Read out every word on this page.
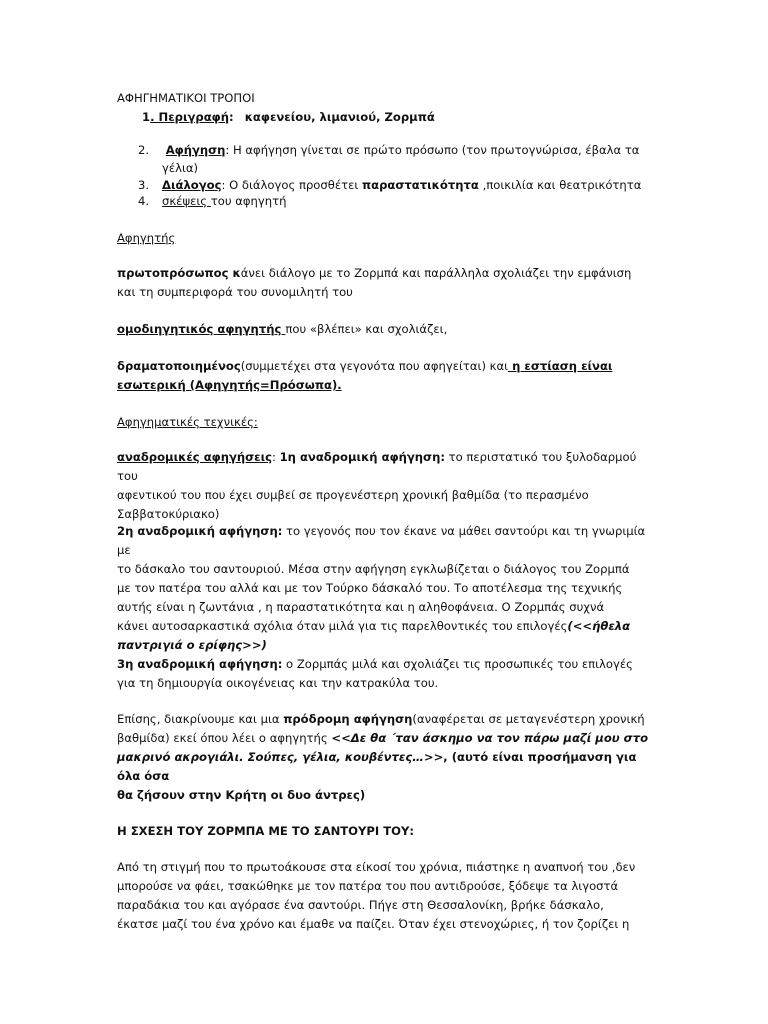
ΑΦΗΓΗΜΑΤΙΚΟΙ ΤΡΟΠΟΙ
1. Περιγραφή: καφενείου, λιμανιού, Ζορμπά
2. Αφήγηση: Η αφήγηση γίνεται σε πρώτο πρόσωπο (τον πρωτογνώρισα, έβαλα τα
γέλια)
3. Διάλογος: Ο διάλογος προσθέτει παραστατικότητα ,ποικιλία και θεατρικότητα
4. σκέψεις του αφηγητή
Αφηγητής
πρωτοπρόσωπος κάνει διάλογο με το Ζορμπά και παράλληλα σχολιάζει την εμφάνιση
και τη συμπεριφορά του συνομιλητή του
ομοδιηγητικός αφηγητής που «βλέπει» και σχολιάζει,
δραματοποιημένος(συμμετέχει στα γεγονότα που αφηγείται) και η εστίαση είναι
εσωτερική (Αφηγητής=Πρόσωπα).
Αφηγηματικές τεχνικές:
αναδρομικές αφηγήσεις: 1η αναδρομική αφήγηση: το περιστατικό του ξυλοδαρμού του
αφεντικού του που έχει συμβεί σε προγενέστερη χρονική βαθμίδα (το περασμένο
Σαββατοκύριακο)
2η αναδρομική αφήγηση: το γεγονός που τον έκανε να μάθει σαντούρι και τη γνωριμία με
το δάσκαλο του σαντουριού. Μέσα στην αφήγηση εγκλωβίζεται ο διάλογος του Ζορμπά
με τον πατέρα του αλλά και με τον Τούρκο δάσκαλό του. Το αποτέλεσμα της τεχνικής
αυτής είναι η ζωντάνια , η παραστατικότητα και η αληθοφάνεια. Ο Ζορμπάς συχνά
κάνει αυτοσαρκαστικά σχόλια όταν μιλά για τις παρελθοντικές του επιλογές(<<ήθελα
παντριγιά ο ερίφης>>)
3η αναδρομική αφήγηση: ο Ζορμπάς μιλά και σχολιάζει τις προσωπικές του επιλογές
για τη δημιουργία οικογένειας και την κατρακύλα του.
Επίσης, διακρίνουμε και μια πρόδρομη αφήγηση(αναφέρεται σε μεταγενέστερη χρονική
βαθμίδα) εκεί όπου λέει ο αφηγητής <<Δε θα ΄ταν άσκημο να τον πάρω μαζί μου στο
μακρινό ακρογιάλι. Σούπες, γέλια, κουβέντες…>>, (αυτό είναι προσήμανση για όλα όσα
θα ζήσουν στην Κρήτη οι δυο άντρες)
Η ΣΧΕΣΗ ΤΟΥ ΖΟΡΜΠΑ ΜΕ ΤΟ ΣΑΝΤΟΥΡΙ ΤΟΥ:
Από τη στιγμή που το πρωτοάκουσε στα είκοσί του χρόνια, πιάστηκε η αναπνοή του ,δεν
μπορούσε να φάει, τσακώθηκε με τον πατέρα του που αντιδρούσε, ξόδεψε τα λιγοστά
παραδάκια του και αγόρασε ένα σαντούρι. Πήγε στη Θεσσαλονίκη, βρήκε δάσκαλο,
έκατσε μαζί του ένα χρόνο και έμαθε να παίζει. Όταν έχει στενοχώριες, ή τον ζορίζει η
